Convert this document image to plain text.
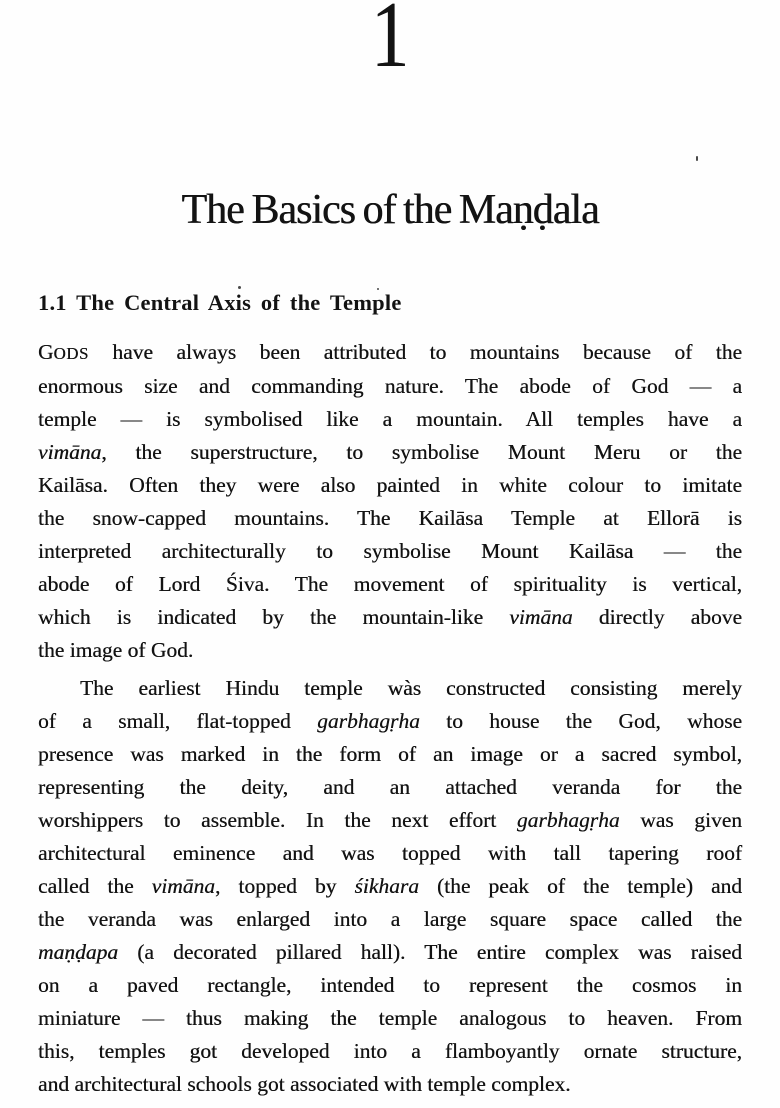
1
The Basics of the Maṇḍala
1.1 The Central Axis of the Temple
GODS have always been attributed to mountains because of the
enormous size and commanding nature. The abode of God — a
temple — is symbolised like a mountain. All temples have a
vimāna, the superstructure, to symbolise Mount Meru or the
Kailāsa. Often they were also painted in white colour to imitate
the snow-capped mountains. The Kailāsa Temple at Ellorā is
interpreted architecturally to symbolise Mount Kailāsa — the
abode of Lord Śiva. The movement of spirituality is vertical,
which is indicated by the mountain-like vimāna directly above
the image of God.
The earliest Hindu temple wàs constructed consisting merely
of a small, flat-topped garbhagṛha to house the God, whose
presence was marked in the form of an image or a sacred symbol,
representing the deity, and an attached veranda for the
worshippers to assemble. In the next effort garbhagṛha was given
architectural eminence and was topped with tall tapering roof
called the vimāna, topped by śikhara (the peak of the temple) and
the veranda was enlarged into a large square space called the
maṇḍapa (a decorated pillared hall). The entire complex was raised
on a paved rectangle, intended to represent the cosmos in
miniature — thus making the temple analogous to heaven. From
this, temples got developed into a flamboyantly ornate structure,
and architectural schools got associated with temple complex.
